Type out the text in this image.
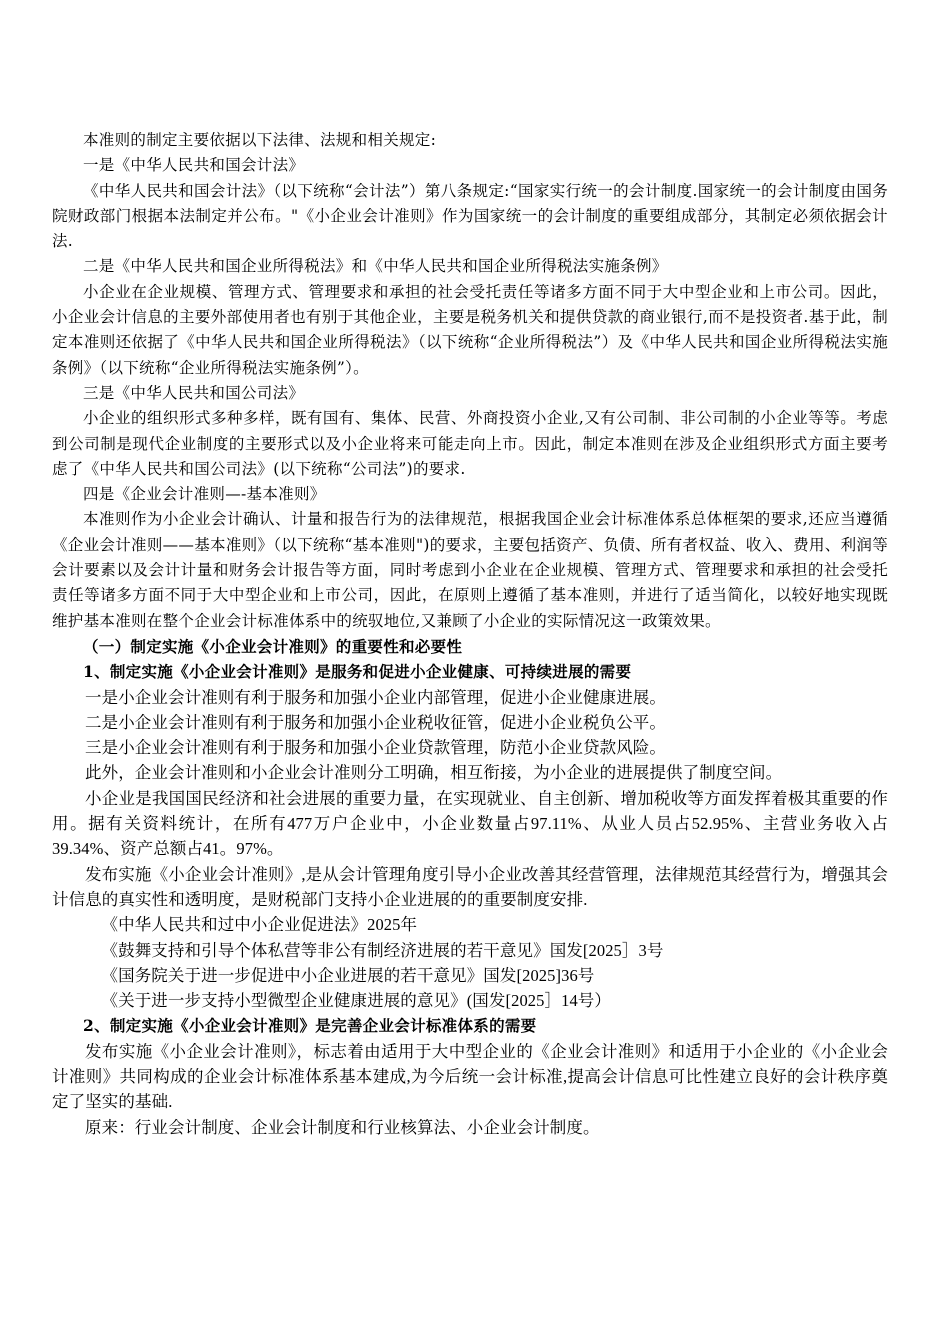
本准则的制定主要依据以下法律、法规和相关规定:

一是《中华人民共和国会计法》

《中华人民共和国会计法》（以下统称“会计法”）第八条规定:“国家实行统一的会计制度.国家统一的会计制度由国务院财政部门根据本法制定并公布。"《小企业会计准则》作为国家统一的会计制度的重要组成部分，其制定必须依据会计法.

二是《中华人民共和国企业所得税法》和《中华人民共和国企业所得税法实施条例》

小企业在企业规模、管理方式、管理要求和承担的社会受托责任等诸多方面不同于大中型企业和上市公司。因此，小企业会计信息的主要外部使用者也有别于其他企业，主要是税务机关和提供贷款的商业银行,而不是投资者.基于此，制定本准则还依据了《中华人民共和国企业所得税法》（以下统称“企业所得税法”）及《中华人民共和国企业所得税法实施条例》（以下统称“企业所得税法实施条例”）。

三是《中华人民共和国公司法》

小企业的组织形式多种多样，既有国有、集体、民营、外商投资小企业,又有公司制、非公司制的小企业等等。考虑到公司制是现代企业制度的主要形式以及小企业将来可能走向上市。因此，制定本准则在涉及企业组织形式方面主要考虑了《中华人民共和国公司法》(以下统称“公司法”)的要求.

四是《企业会计准则—-基本准则》

本准则作为小企业会计确认、计量和报告行为的法律规范，根据我国企业会计标准体系总体框架的要求,还应当遵循《企业会计准则——基本准则》（以下统称“基本准则")的要求，主要包括资产、负债、所有者权益、收入、费用、利润等会计要素以及会计计量和财务会计报告等方面，同时考虑到小企业在企业规模、管理方式、管理要求和承担的社会受托责任等诸多方面不同于大中型企业和上市公司，因此，在原则上遵循了基本准则，并进行了适当简化，以较好地实现既维护基本准则在整个企业会计标准体系中的统驭地位,又兼顾了小企业的实际情况这一政策效果。

（一）制定实施《小企业会计准则》的重要性和必要性

1、制定实施《小企业会计准则》是服务和促进小企业健康、可持续进展的需要

一是小企业会计准则有利于服务和加强小企业内部管理，促进小企业健康进展。

二是小企业会计准则有利于服务和加强小企业税收征管，促进小企业税负公平。

三是小企业会计准则有利于服务和加强小企业贷款管理，防范小企业贷款风险。

此外，企业会计准则和小企业会计准则分工明确，相互衔接，为小企业的进展提供了制度空间。

小企业是我国国民经济和社会进展的重要力量，在实现就业、自主创新、增加税收等方面发挥着极其重要的作用。据有关资料统计，在所有477万户企业中，小企业数量占97.11%、从业人员占52.95%、主营业务收入占39.34%、资产总额占41。97%。

发布实施《小企业会计准则》,是从会计管理角度引导小企业改善其经营管理，法律规范其经营行为，增强其会计信息的真实性和透明度，是财税部门支持小企业进展的的重要制度安排.

《中华人民共和过中小企业促进法》2025年

《鼓舞支持和引导个体私营等非公有制经济进展的若干意见》国发[2025］3号

《国务院关于进一步促进中小企业进展的若干意见》国发[2025]36号

《关于进一步支持小型微型企业健康进展的意见》(国发[2025］14号）

2、制定实施《小企业会计准则》是完善企业会计标准体系的需要

发布实施《小企业会计准则》，标志着由适用于大中型企业的《企业会计准则》和适用于小企业的《小企业会计准则》共同构成的企业会计标准体系基本建成,为今后统一会计标准,提高会计信息可比性建立良好的会计秩序奠定了坚实的基础.

原来：行业会计制度、企业会计制度和行业核算法、小企业会计制度。
